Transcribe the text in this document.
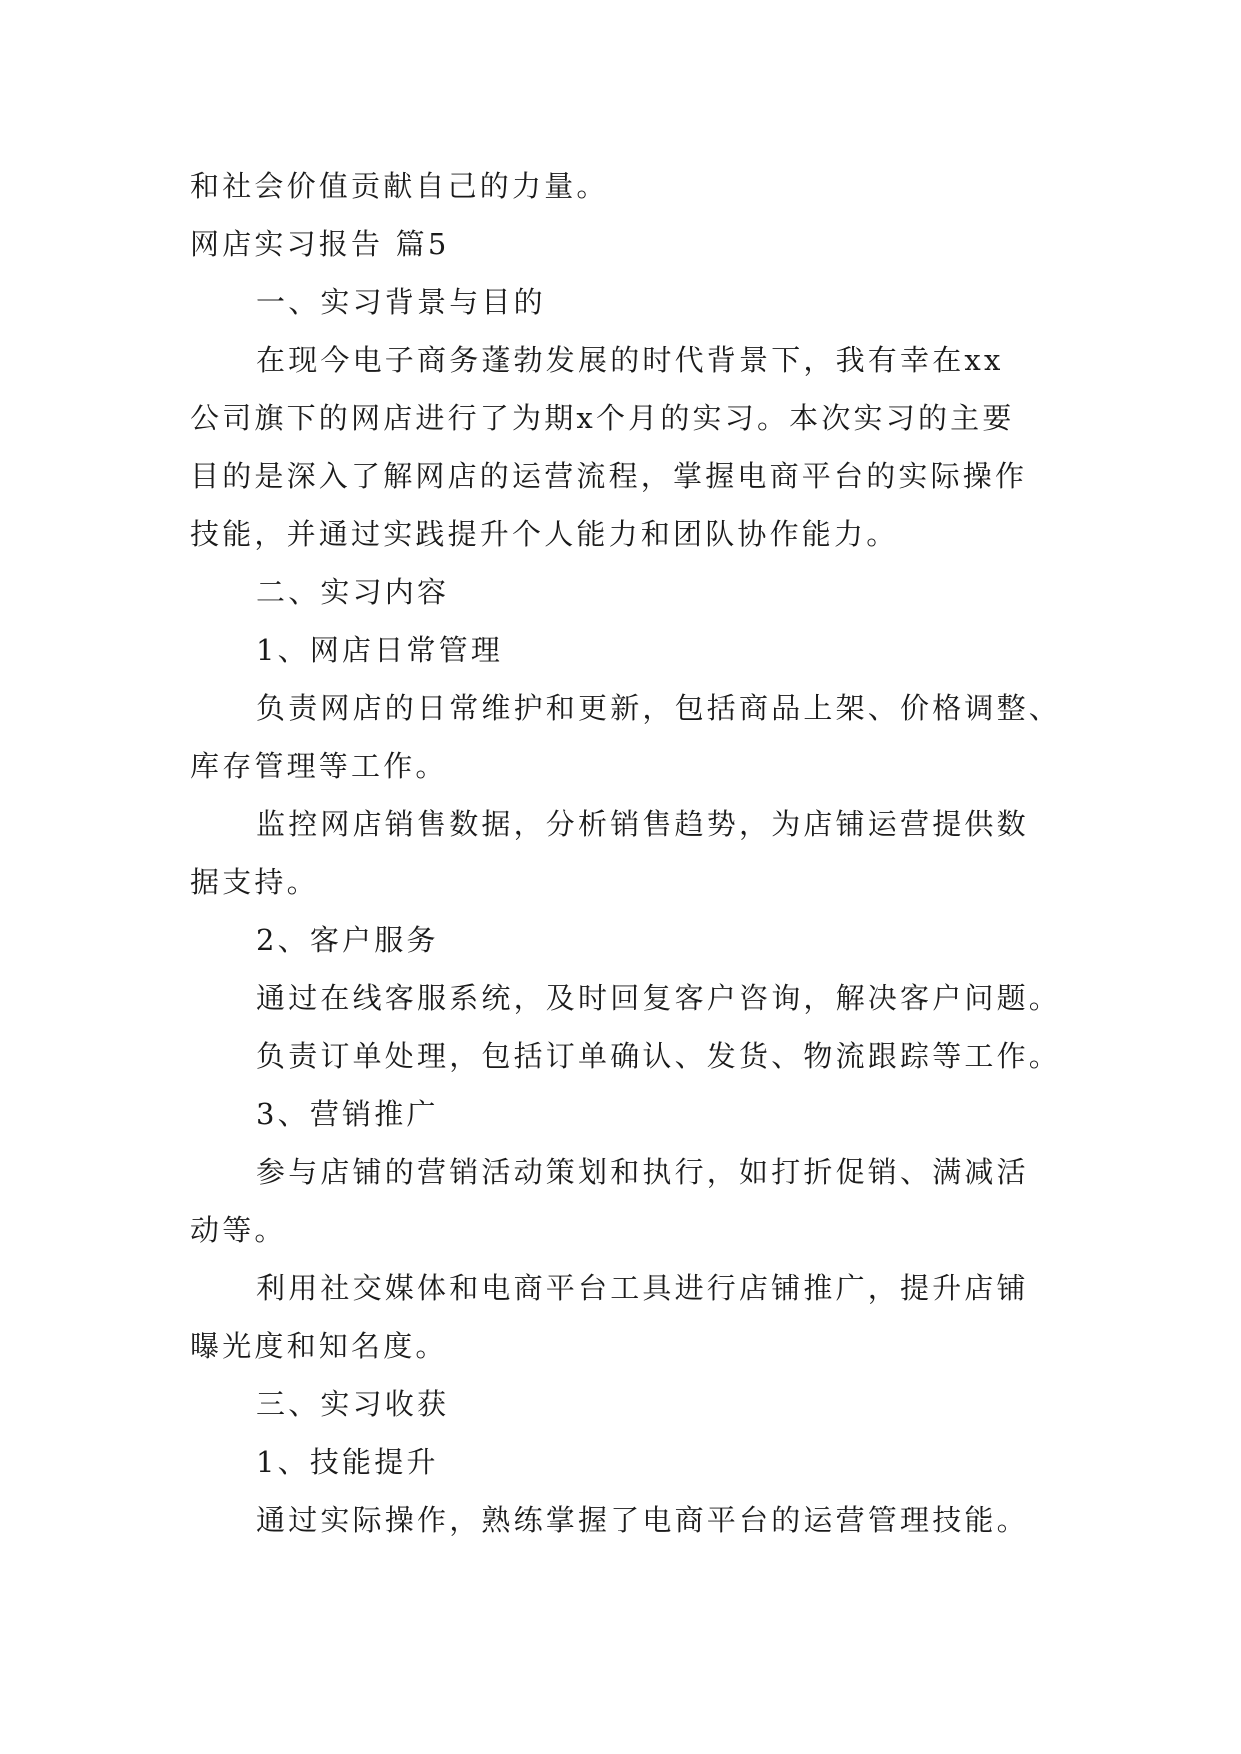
和社会价值贡献自己的力量。
网店实习报告 篇5
一、实习背景与目的
在现今电子商务蓬勃发展的时代背景下，我有幸在xx
公司旗下的网店进行了为期x个月的实习。本次实习的主要
目的是深入了解网店的运营流程，掌握电商平台的实际操作
技能，并通过实践提升个人能力和团队协作能力。
二、实习内容
1、网店日常管理
负责网店的日常维护和更新，包括商品上架、价格调整、
库存管理等工作。
监控网店销售数据，分析销售趋势，为店铺运营提供数
据支持。
2、客户服务
通过在线客服系统，及时回复客户咨询，解决客户问题。
负责订单处理，包括订单确认、发货、物流跟踪等工作。
3、营销推广
参与店铺的营销活动策划和执行，如打折促销、满减活
动等。
利用社交媒体和电商平台工具进行店铺推广，提升店铺
曝光度和知名度。
三、实习收获
1、技能提升
通过实际操作，熟练掌握了电商平台的运营管理技能。
